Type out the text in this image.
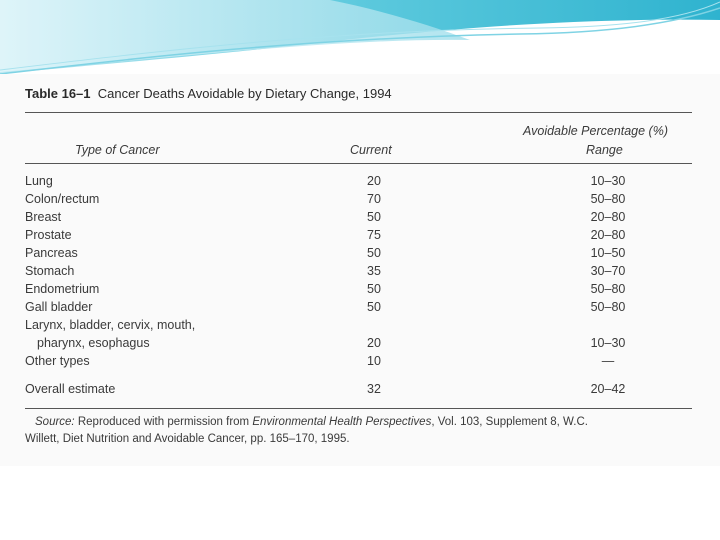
Table 16–1 Cancer Deaths Avoidable by Dietary Change, 1994
Avoidable Percentage (%)
Type of Cancer	Current	Range
Lung	20	10–30
Colon/rectum	70	50–80
Breast	50	20–80
Prostate	75	20–80
Pancreas	50	10–50
Stomach	35	30–70
Endometrium	50	50–80
Gall bladder	50	50–80
Larynx, bladder, cervix, mouth,
pharynx, esophagus	20	10–30
Other types	10	—
Overall estimate	32	20–42
Source: Reproduced with permission from Environmental Health Perspectives, Vol. 103, Supplement 8, W.C.
Willett, Diet Nutrition and Avoidable Cancer, pp. 165–170, 1995.
